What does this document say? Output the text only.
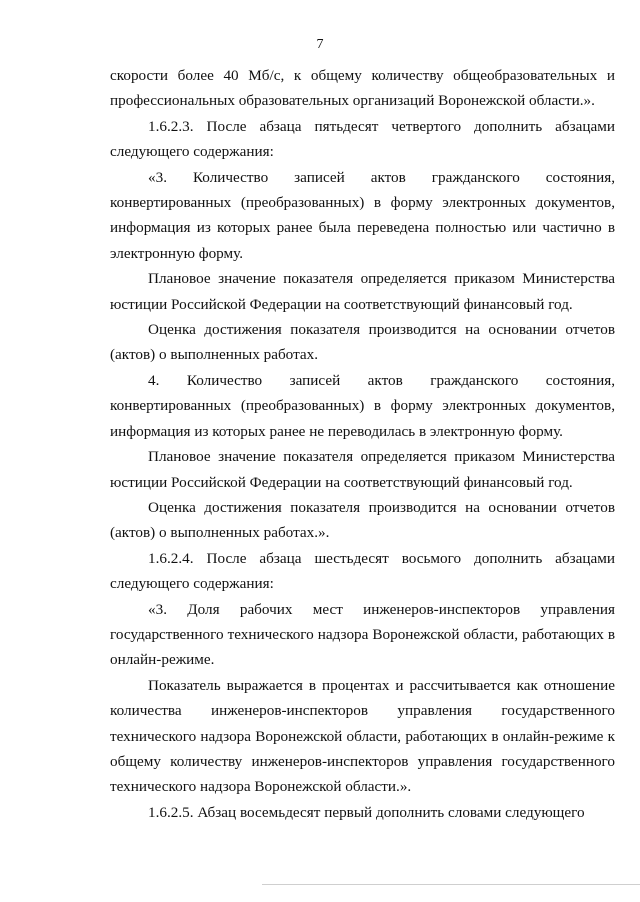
7

скорости более 40 Мб/с, к общему количеству общеобразовательных и профессиональных образовательных организаций Воронежской области.».

1.6.2.3. После абзаца пятьдесят четвертого дополнить абзацами следующего содержания:

«3. Количество записей актов гражданского состояния, конвертированных (преобразованных) в форму электронных документов, информация из которых ранее была переведена полностью или частично в электронную форму.

Плановое значение показателя определяется приказом Министерства юстиции Российской Федерации на соответствующий финансовый год.

Оценка достижения показателя производится на основании отчетов (актов) о выполненных работах.

4. Количество записей актов гражданского состояния, конвертированных (преобразованных) в форму электронных документов, информация из которых ранее не переводилась в электронную форму.

Плановое значение показателя определяется приказом Министерства юстиции Российской Федерации на соответствующий финансовый год.

Оценка достижения показателя производится на основании отчетов (актов) о выполненных работах.».

1.6.2.4. После абзаца шестьдесят восьмого дополнить абзацами следующего содержания:

«3. Доля рабочих мест инженеров-инспекторов управления государственного технического надзора Воронежской области, работающих в онлайн-режиме.

Показатель выражается в процентах и рассчитывается как отношение количества инженеров-инспекторов управления государственного технического надзора Воронежской области, работающих в онлайн-режиме к общему количеству инженеров-инспекторов управления государственного технического надзора Воронежской области.».

1.6.2.5. Абзац восемьдесят первый дополнить словами следующего
